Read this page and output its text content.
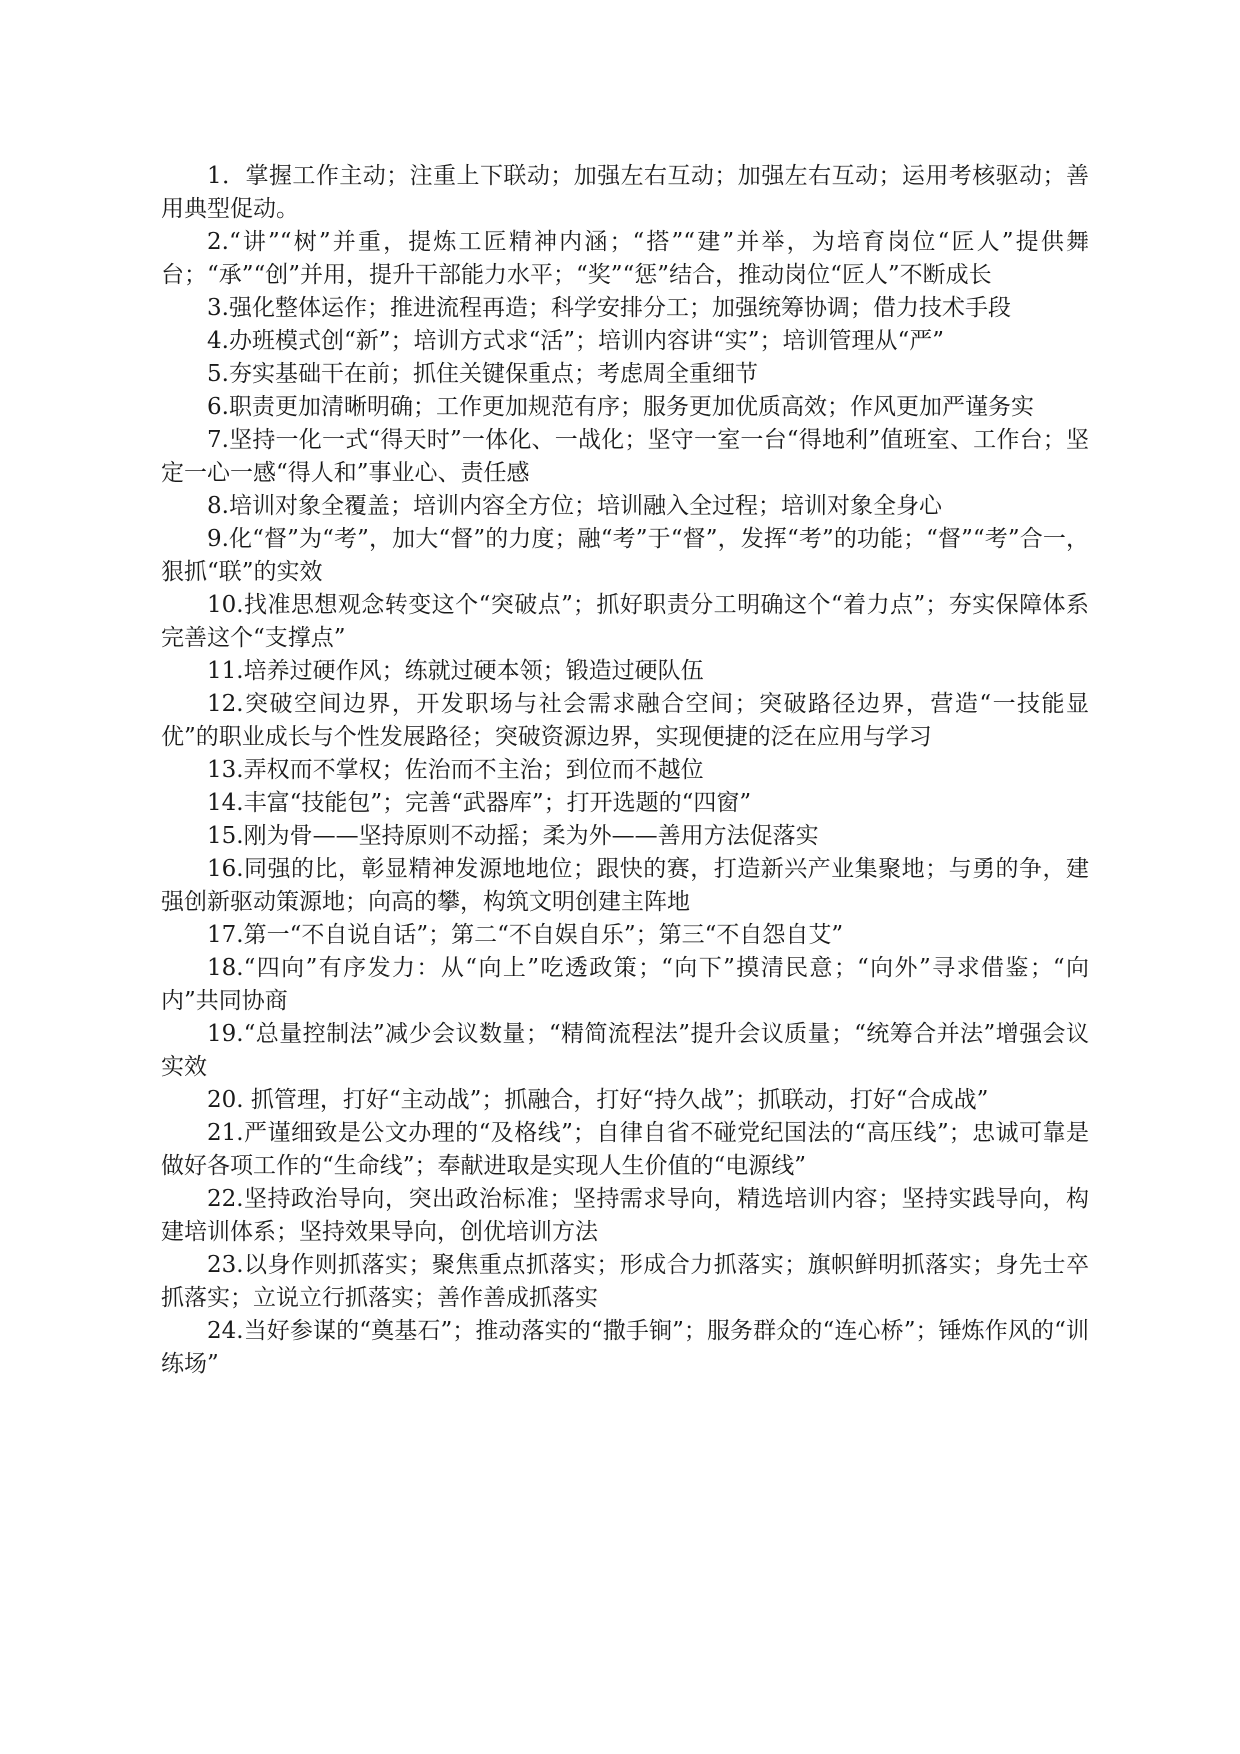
1．掌握工作主动；注重上下联动；加强左右互动；加强左右互动；运用考核驱动；善用典型促动。

2.“讲”“树”并重，提炼工匠精神内涵；“搭”“建”并举，为培育岗位“匠人”提供舞台；“承”“创”并用，提升干部能力水平；“奖”“惩”结合，推动岗位“匠人”不断成长

3.强化整体运作；推进流程再造；科学安排分工；加强统筹协调；借力技术手段

4.办班模式创“新”；培训方式求“活”；培训内容讲“实”；培训管理从“严”

5.夯实基础干在前；抓住关键保重点；考虑周全重细节

6.职责更加清晰明确；工作更加规范有序；服务更加优质高效；作风更加严谨务实

7.坚持一化一式“得天时”一体化、一战化；坚守一室一台“得地利”值班室、工作台；坚定一心一感“得人和”事业心、责任感

8.培训对象全覆盖；培训内容全方位；培训融入全过程；培训对象全身心

9.化“督”为“考”，加大“督”的力度；融“考”于“督”，发挥“考”的功能；“督”“考”合一，狠抓“联”的实效

10.找准思想观念转变这个“突破点”；抓好职责分工明确这个“着力点”；夯实保障体系完善这个“支撑点”

11.培养过硬作风；练就过硬本领；锻造过硬队伍

12.突破空间边界，开发职场与社会需求融合空间；突破路径边界，营造“一技能显优”的职业成长与个性发展路径；突破资源边界，实现便捷的泛在应用与学习

13.弄权而不掌权；佐治而不主治；到位而不越位

14.丰富“技能包”；完善“武器库”；打开选题的“四窗”

15.刚为骨——坚持原则不动摇；柔为外——善用方法促落实

16.同强的比，彰显精神发源地地位；跟快的赛，打造新兴产业集聚地；与勇的争，建强创新驱动策源地；向高的攀，构筑文明创建主阵地

17.第一“不自说自话”；第二“不自娱自乐”；第三“不自怨自艾”

18.“四向”有序发力：从“向上”吃透政策；“向下”摸清民意；“向外”寻求借鉴；“向内”共同协商

19.“总量控制法”减少会议数量；“精简流程法”提升会议质量；“统筹合并法”增强会议实效

20. 抓管理，打好“主动战”；抓融合，打好“持久战”；抓联动，打好“合成战”

21.严谨细致是公文办理的“及格线”；自律自省不碰党纪国法的“高压线”；忠诚可靠是做好各项工作的“生命线”；奉献进取是实现人生价值的“电源线”

22.坚持政治导向，突出政治标准；坚持需求导向，精选培训内容；坚持实践导向，构建培训体系；坚持效果导向，创优培训方法

23.以身作则抓落实；聚焦重点抓落实；形成合力抓落实；旗帜鲜明抓落实；身先士卒抓落实；立说立行抓落实；善作善成抓落实

24.当好参谋的“奠基石”；推动落实的“撒手锏”；服务群众的“连心桥”；锤炼作风的“训练场”
